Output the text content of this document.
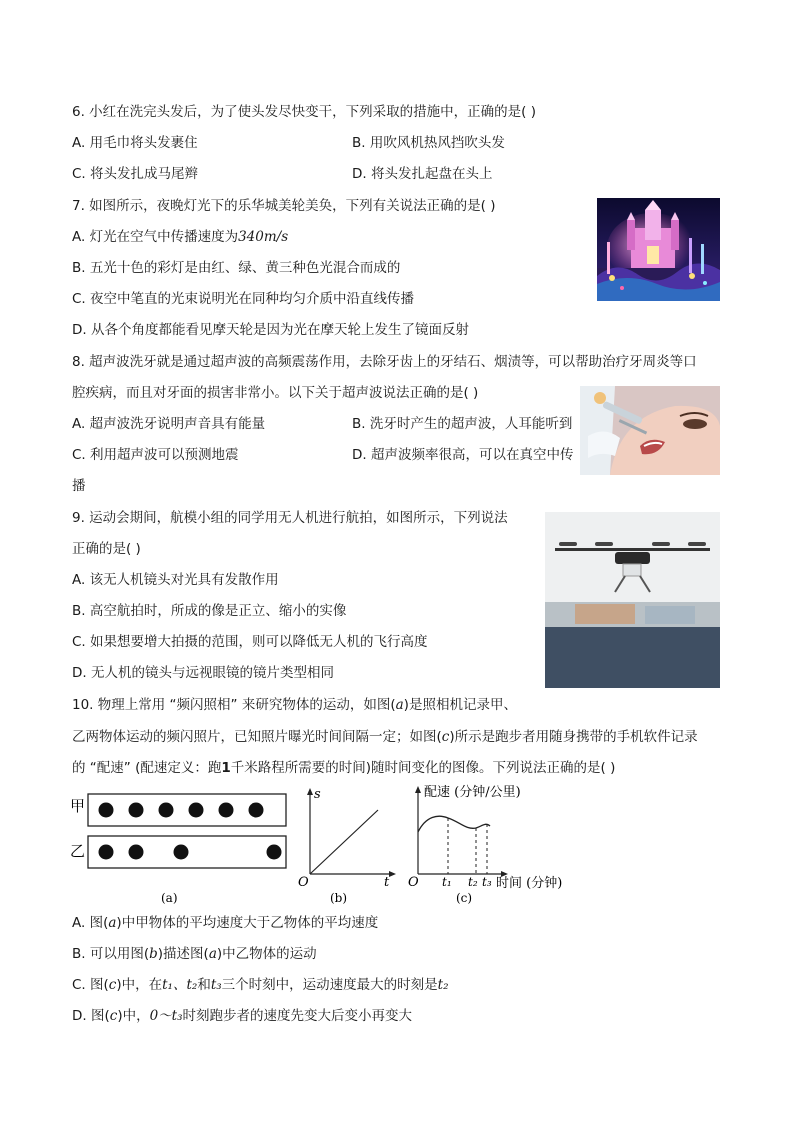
6. 小红在洗完头发后，为了使头发尽快变干，下列采取的措施中，正确的是( )
A. 用毛巾将头发裹住	B. 用吹风机热风挡吹头发
C. 将头发扎成马尾辫	D. 将头发扎起盘在头上
7. 如图所示，夜晚灯光下的乐华城美轮美奂，下列有关说法正确的是( )
A. 灯光在空气中传播速度为340m/s
B. 五光十色的彩灯是由红、绿、黄三种色光混合而成的
C. 夜空中笔直的光束说明光在同种均匀介质中沿直线传播
D. 从各个角度都能看见摩天轮是因为光在摩天轮上发生了镜面反射
8. 超声波洗牙就是通过超声波的高频震荡作用，去除牙齿上的牙结石、烟渍等，可以帮助治疗牙周炎等口
腔疾病，而且对牙面的损害非常小。以下关于超声波说法正确的是( )
A. 超声波洗牙说明声音具有能量	B. 洗牙时产生的超声波，人耳能听到
C. 利用超声波可以预测地震	D. 超声波频率很高，可以在真空中传
播
9. 运动会期间，航模小组的同学用无人机进行航拍，如图所示，下列说法
正确的是( )
A. 该无人机镜头对光具有发散作用
B. 高空航拍时，所成的像是正立、缩小的实像
C. 如果想要增大拍摄的范围，则可以降低无人机的飞行高度
D. 无人机的镜头与远视眼镜的镜片类型相同
10. 物理上常用 “频闪照相” 来研究物体的运动，如图(a)是照相机记录甲、
乙两物体运动的频闪照片，已知照片曝光时间间隔一定；如图(c)所示是跑步者用随身携带的手机软件记录
的 “配速” (配速定义：跑1千米路程所需要的时间)随时间变化的图像。下列说法正确的是( )
甲
乙
(a)
s
t
O
(b)
配速 (分钟/公里)
O t₁ t₂ t₃ 时间 (分钟)
(c)
A. 图(a)中甲物体的平均速度大于乙物体的平均速度
B. 可以用图(b)描述图(a)中乙物体的运动
C. 图(c)中，在t₁、t₂和t₃三个时刻中，运动速度最大的时刻是t₂
D. 图(c)中，0～t₃时刻跑步者的速度先变大后变小再变大
